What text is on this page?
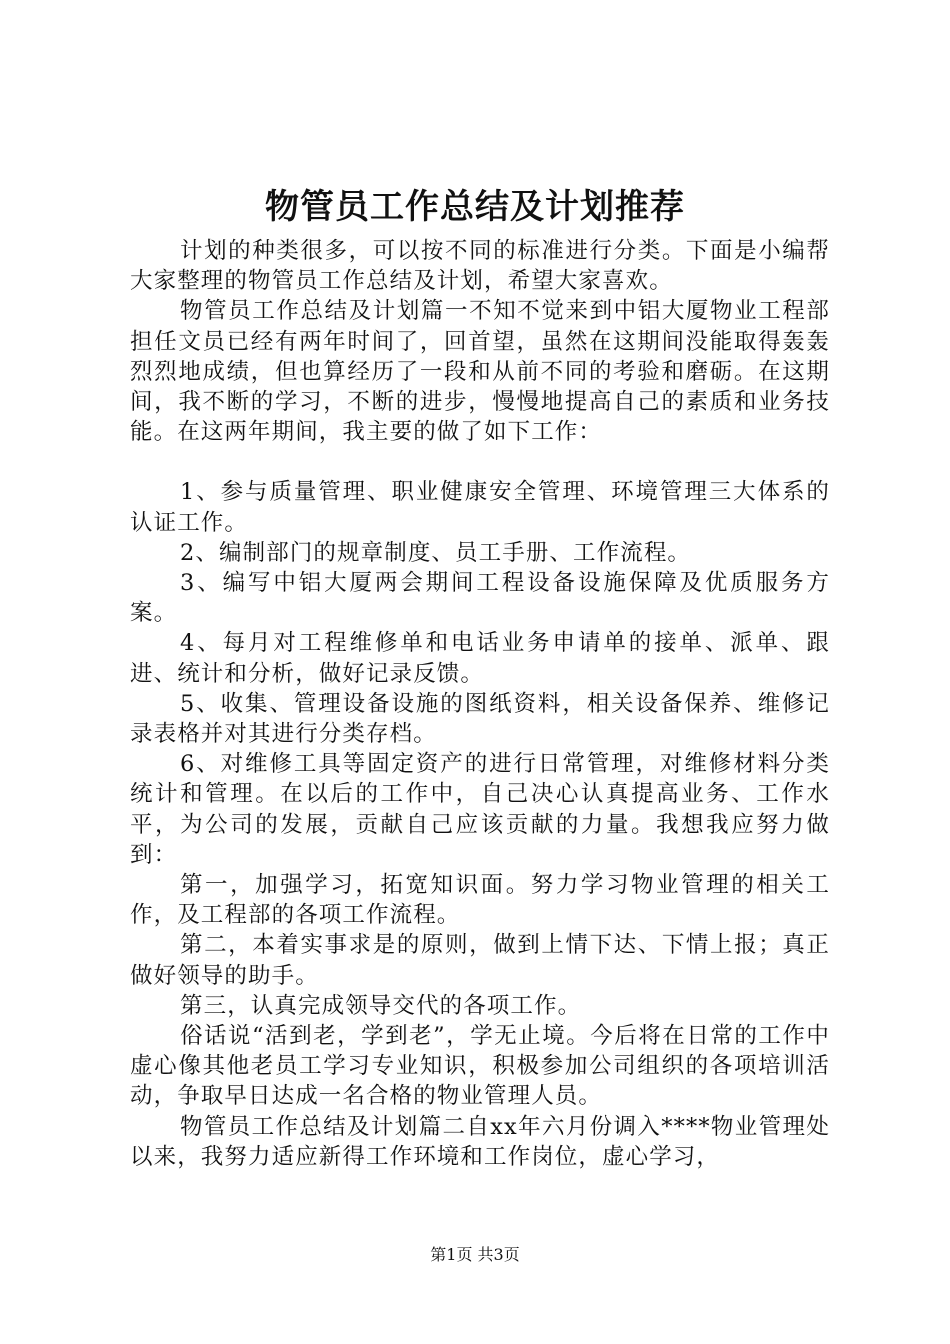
物管员工作总结及计划推荐

计划的种类很多，可以按不同的标准进行分类。下面是小编帮大家整理的物管员工作总结及计划，希望大家喜欢。

物管员工作总结及计划篇一不知不觉来到中铝大厦物业工程部担任文员已经有两年时间了，回首望，虽然在这期间没能取得轰轰烈烈地成绩，但也算经历了一段和从前不同的考验和磨砺。在这期间，我不断的学习，不断的进步，慢慢地提高自己的素质和业务技能。在这两年期间，我主要的做了如下工作：

1、参与质量管理、职业健康安全管理、环境管理三大体系的认证工作。

2、编制部门的规章制度、员工手册、工作流程。

3、编写中铝大厦两会期间工程设备设施保障及优质服务方案。

4、每月对工程维修单和电话业务申请单的接单、派单、跟进、统计和分析，做好记录反馈。

5、收集、管理设备设施的图纸资料，相关设备保养、维修记录表格并对其进行分类存档。

6、对维修工具等固定资产的进行日常管理，对维修材料分类统计和管理。在以后的工作中，自己决心认真提高业务、工作水平，为公司的发展，贡献自己应该贡献的力量。我想我应努力做到：

第一，加强学习，拓宽知识面。努力学习物业管理的相关工作，及工程部的各项工作流程。

第二，本着实事求是的原则，做到上情下达、下情上报；真正做好领导的助手。

第三，认真完成领导交代的各项工作。

俗话说“活到老，学到老”，学无止境。今后将在日常的工作中虚心像其他老员工学习专业知识，积极参加公司组织的各项培训活动，争取早日达成一名合格的物业管理人员。

物管员工作总结及计划篇二自xx年六月份调入****物业管理处以来，我努力适应新得工作环境和工作岗位，虚心学习，

第1页 共3页
